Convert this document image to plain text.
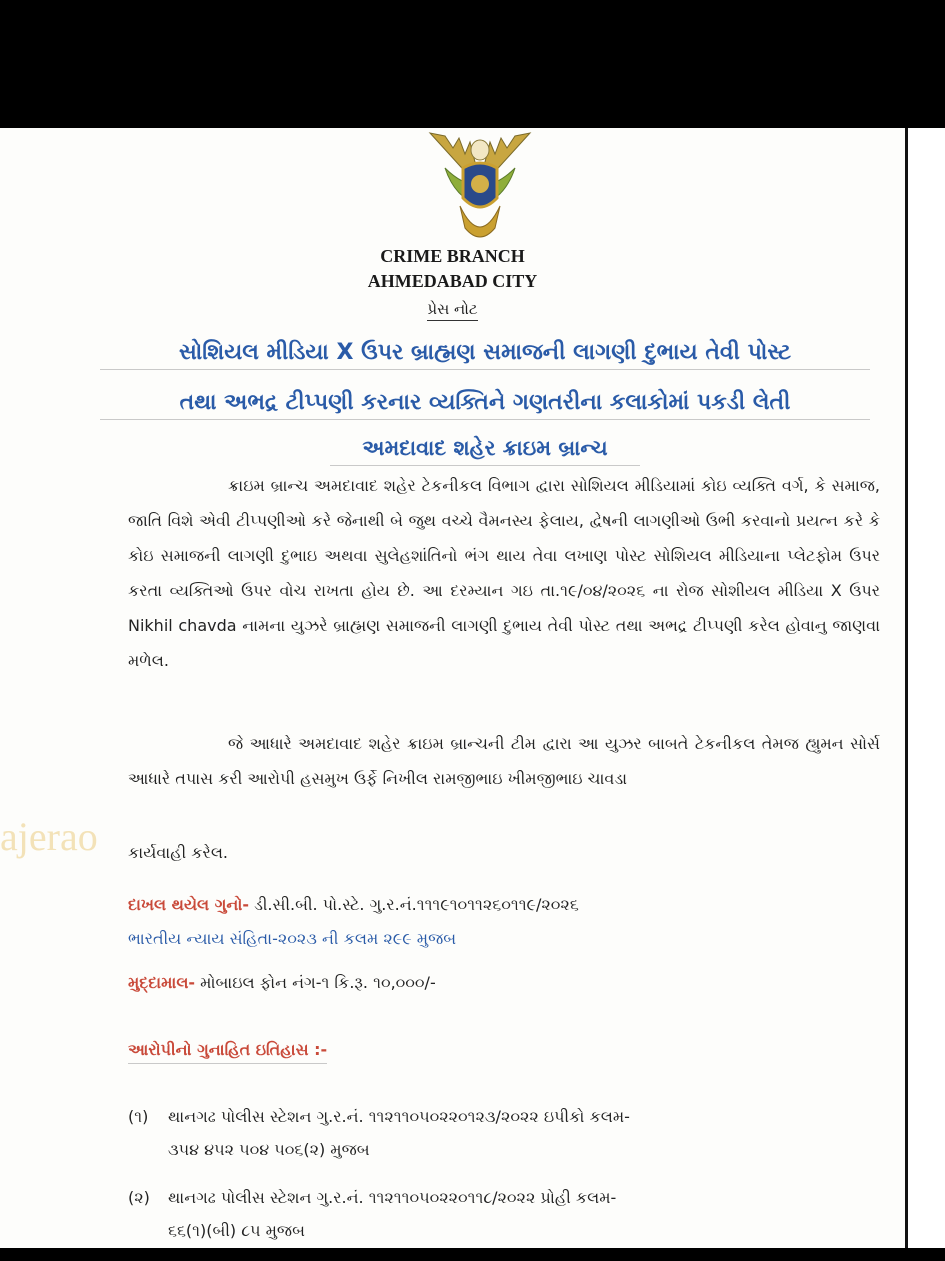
CRIME BRANCH
AHMEDABAD CITY
પ્રેસ નોટ
સોશિયલ મીડિયા X ઉપર બ્રાહ્મણ સમાજની લાગણી દુભાય તેવી પોસ્ટ
તથા અભદ્ર ટીપ્પણી કરનાર વ્યક્તિને ગણતરીના કલાકોમાં પકડી લેતી
અમદાવાદ શહેર ક્રાઇમ બ્રાન્ચ
ક્રાઇમ બ્રાન્ચ અમદાવાદ શહેર ટેકનીકલ વિભાગ દ્વારા સોશિયલ મીડિયામાં કોઇ વ્યક્તિ વર્ગ, કે સમાજ, જાતિ વિશે એવી ટીપ્પણીઓ કરે જેનાથી બે જુથ વચ્ચે વૈમનસ્ય ફેલાય, દ્વેષની લાગણીઓ ઉભી કરવાનો પ્રયત્ન કરે કે કોઇ સમાજની લાગણી દુભાઇ અથવા સુલેહશાંતિનો ભંગ થાય તેવા લખાણ પોસ્ટ સોશિયલ મીડિયાના પ્લેટફોમ ઉપર કરતા વ્યક્તિઓ ઉપર વોચ રાખતા હોય છે. આ દરમ્યાન ગઇ તા.૧૯/૦૪/૨૦૨૬ ના રોજ સોશીયલ મીડિયા X ઉપર Nikhil chavda નામના યુઝરે બ્રાહ્મણ સમાજની લાગણી દુભાય તેવી પોસ્ટ તથા અભદ્ર ટીપ્પણી કરેલ હોવાનુ જાણવા મળેલ.
જે આધારે અમદાવાદ શહેર ક્રાઇમ બ્રાન્ચની ટીમ દ્વારા આ યુઝર બાબતે ટેકનીકલ તેમજ હ્યુમન સોર્સ આધારે તપાસ કરી આરોપી હસમુખ ઉર્ફે નિખીલ રામજીભાઇ ખીમજીભાઇ ચાવડા
ajerao	કાર્યવાહી કરેલ.
દાખલ થયેલ ગુનો- ડી.સી.બી. પો.સ્ટે. ગુ.ર.નં.૧૧૧૯૧૦૧૧૨૬૦૧૧૯/૨૦૨૬
ભારતીય ન્યાય સંહિતા-૨૦૨૩ ની કલમ ૨૯૯ મુજબ
મુદ્દામાલ- મોબાઇલ ફોન નંગ-૧ કિ.રૂ. ૧૦,૦૦૦/-
આરોપીનો ગુનાહિત ઇતિહાસ :-
(૧) થાનગઢ પોલીસ સ્ટેશન ગુ.ર.નં. ૧૧૨૧૧૦૫૦૨૨૦૧૨૩/૨૦૨૨ ઇપીકો કલમ-

૩૫૪ ૪૫૨ ૫૦૪ ૫૦૬(૨) મુજબ
(૨) થાનગઢ પોલીસ સ્ટેશન ગુ.ર.નં. ૧૧૨૧૧૦૫૦૨૨૦૧૧૮/૨૦૨૨ પ્રોહી કલમ-

૬૬(૧)(બી) ૮૫ મુજબ
